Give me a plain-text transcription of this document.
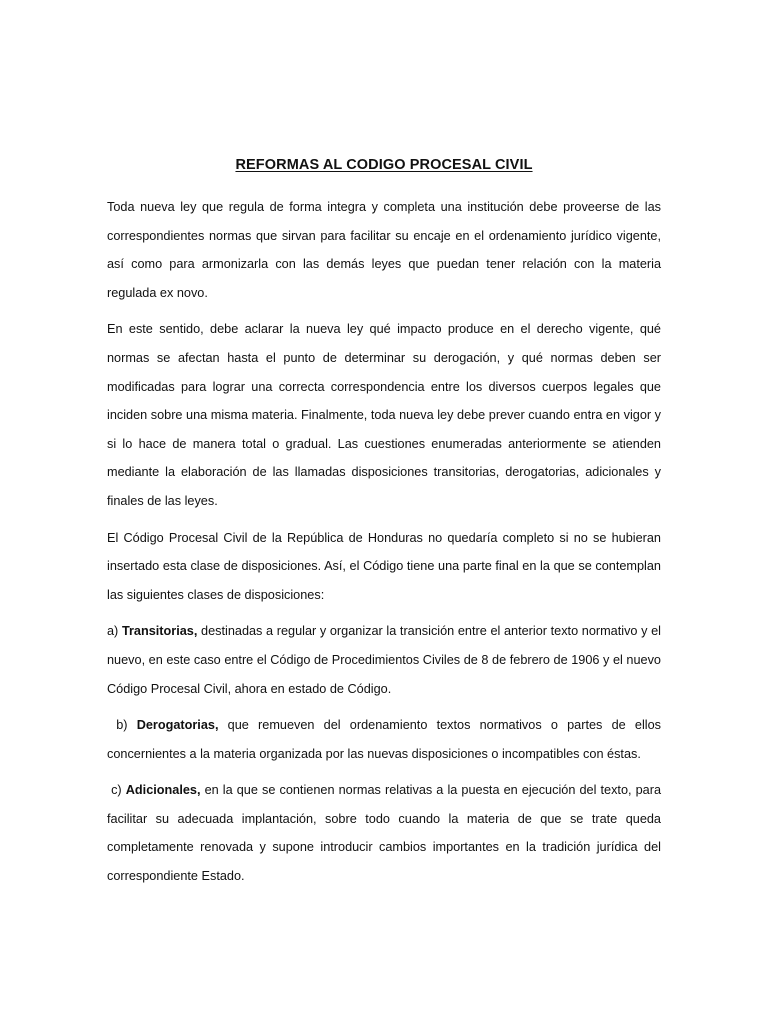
REFORMAS AL CODIGO PROCESAL CIVIL

Toda nueva ley que regula de forma integra y completa una institución debe proveerse de las correspondientes normas que sirvan para facilitar su encaje en el ordenamiento jurídico vigente, así como para armonizarla con las demás leyes que puedan tener relación con la materia regulada ex novo.

En este sentido, debe aclarar la nueva ley qué impacto produce en el derecho vigente, qué normas se afectan hasta el punto de determinar su derogación, y qué normas deben ser modificadas para lograr una correcta correspondencia entre los diversos cuerpos legales que inciden sobre una misma materia. Finalmente, toda nueva ley debe prever cuando entra en vigor y si lo hace de manera total o gradual. Las cuestiones enumeradas anteriormente se atienden mediante la elaboración de las llamadas disposiciones transitorias, derogatorias, adicionales y finales de las leyes.

El Código Procesal Civil de la República de Honduras no quedaría completo si no se hubieran insertado esta clase de disposiciones. Así, el Código tiene una parte final en la que se contemplan las siguientes clases de disposiciones:

a) Transitorias, destinadas a regular y organizar la transición entre el anterior texto normativo y el nuevo, en este caso entre el Código de Procedimientos Civiles de 8 de febrero de 1906 y el nuevo Código Procesal Civil, ahora en estado de Código.

b) Derogatorias, que remueven del ordenamiento textos normativos o partes de ellos concernientes a la materia organizada por las nuevas disposiciones o incompatibles con éstas.

c) Adicionales, en la que se contienen normas relativas a la puesta en ejecución del texto, para facilitar su adecuada implantación, sobre todo cuando la materia de que se trate queda completamente renovada y supone introducir cambios importantes en la tradición jurídica del correspondiente Estado.
